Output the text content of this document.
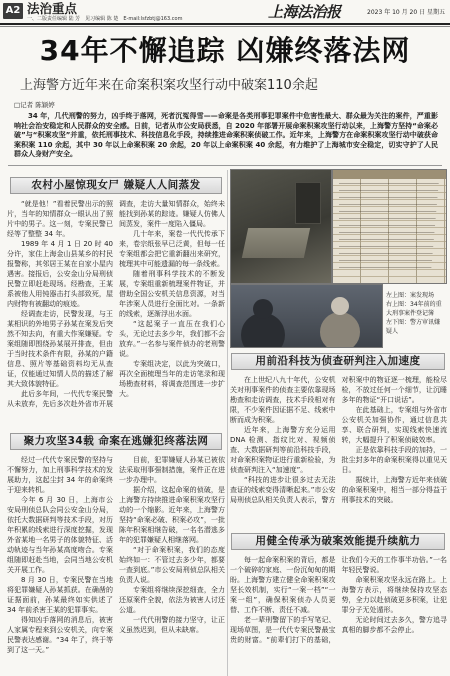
A2 法治重点
一、二版责任编辑 陆 芳　见习编辑 陈 楚　E-mail:lsfzbtj@163.com	上海法治报	2023 年 10 月 20 日 星期五
34年不懈追踪 凶嫌终落法网
上海警方近年来在命案积案攻坚行动中破案110余起
□记者 陈颖婷

34 年，几代刑警的努力，凶手终于落网，死者沉冤得雪——命案是各类刑事犯罪案件中危害性最大、群众最为关注的案件，严重影响社会治安稳定和人民群众的安全感。日前，记者从市公安局获悉，自 2020 年部署开展命案积案攻坚行动以来，上海警方坚持“命案必破”与“积案攻坚”并重，依托刑事技术、科技信息化手段，持续推进命案积案侦破工作。近年来，上海警方在命案积案攻坚行动中破获命案积案 110 余起，其中 30 年以上命案积案 20 余起，20 年以上命案积案 40 余起，有力维护了上海城市安全稳定，切实守护了人民群众人身财产安全。

农村小屋惊现女尸 嫌疑人人间蒸发

“就是他！”看着民警出示的照片，当年的知情群众一眼认出了照片中的男子。这一刻，专案民警已经等了整整 34 年。

1989 年 4 月 1 日 20 时 40 分许，家住上海金山县某乡的村民报警称，其邻居王某在自家小屋内遇害。接报后，公安金山分局刑侦民警立即赶赴现场。经勘查，王某系被他人用钝器击打头部致死，屋内财物有被翻动的痕迹。

经调查走访，民警发现，与王某相识的外地男子孙某在案发后突然不知去向，有重大作案嫌疑。专案组随即围绕孙某展开排查，但由于当时技术条件有限，孙某的户籍信息、照片等基础资料均无从查证，仅能通过知情人员的描述了解其大致体貌特征。

此后多年间，一代代专案民警从未放弃，先后多次赴外省市开展调查，走访大量知情群众，始终未能找到孙某的踪迹。嫌疑人仿佛人间蒸发，案件一度陷入僵局。

几十年来，案卷一代代传承下来，卷宗纸张早已泛黄，但每一任专案组都会把它重新翻出来研究，梳理其中可能遗漏的每一条线索。

随着刑事科学技术的不断发展，专案组重新梳理案件物证，并借助全国公安机关信息资源，对当年涉案人员进行全面比对。一条新的线索，逐渐浮出水面。

“这起案子一直压在我们心头，无论过去多少年，我们都不会放弃。”一名参与案件侦办的老刑警说。

专案组决定，以此为突破口，再次全面梳理当年的走访笔录和现场勘查材料，将调查范围进一步扩大。

聚力攻坚34载 命案在逃嫌犯终落法网

经过一代代专案民警的坚持与不懈努力，加上刑事科学技术的发展助力，这起尘封 34 年的命案终于迎来转机。

今年 6 月 30 日，上海市公安局刑侦总队会同公安金山分局，依托大数据研判等技术手段，对历年积累的线索进行深度挖掘，发现外省某地一名男子的体貌特征、活动轨迹与当年孙某高度吻合。专案组随即赶赴当地，会同当地公安机关开展工作。

8 月 30 日，专案民警在当地将犯罪嫌疑人孙某抓获。在确凿的证据面前，孙某最终如实供述了 34 年前杀害王某的犯罪事实。

得知凶手落网的消息后，被害人家属专程来到公安机关，向专案民警表达感谢。“34 年了，终于等到了这一天。”

目前，犯罪嫌疑人孙某已被依法采取刑事强制措施，案件正在进一步办理中。

据介绍，这起命案的侦破，是上海警方持续推进命案积案攻坚行动的一个缩影。近年来，上海警方坚持“命案必破、积案必攻”，一批陈年积案相继告破，一名名潜逃多年的犯罪嫌疑人相继落网。

“对于命案积案，我们的态度始终如一：不管过去多少年，都要一查到底。”市公安局刑侦总队相关负责人说。

专案组将继续深挖细查，全力还原案件全貌，依法为被害人讨还公道。

一代代刑警的接力坚守，让正义虽然迟到，但从未缺席。

左上图：案发现场
右上图：34年前的重大刑事案件登记簿
左下图：警方审讯嫌疑人
用前沿科技为侦查研判注入加速度

在上世纪八九十年代，公安机关对刑事案件的侦查主要依靠现场勘查和走访调查，技术手段相对有限，不少案件因证据不足、线索中断而成为积案。

近年来，上海警方充分运用 DNA 检测、指纹比对、视频侦查、大数据研判等前沿科技手段，对命案积案物证进行重新检验，为侦查研判注入“加速度”。

“科技的进步让很多过去无法查证的线索变得清晰起来。”市公安局刑侦总队相关负责人表示，警方对积案中的物证逐一梳理，能检尽检，不放过任何一个细节，让沉睡多年的物证“开口说话”。

在此基础上，专案组与外省市公安机关加强协作，通过信息共享、联合研判，实现线索快速流转，大幅提升了积案侦破效率。

正是依靠科技手段的加持，一批尘封多年的命案积案得以重见天日。

据统计，上海警方近年来侦破的命案积案中，相当一部分得益于刑事技术的突破。

用健全传承为破案效能提升续航力

每一起命案积案的背后，都是一个破碎的家庭、一份沉甸甸的期盼。上海警方建立健全命案积案攻坚长效机制，实行“一案一档”“一案一组”，确保积案侦办人员更替、工作不断、责任不减。

老一辈刑警留下的手写笔记、现场草图，是一代代专案民警最宝贵的财富。“前辈们打下的基础，让我们今天的工作事半功倍。”一名年轻民警说。

命案积案攻坚永远在路上。上海警方表示，将继续保持攻坚态势，全力以赴侦破更多积案，让犯罪分子无处遁形。

无论时间过去多久，警方追寻真相的脚步都不会停止。
